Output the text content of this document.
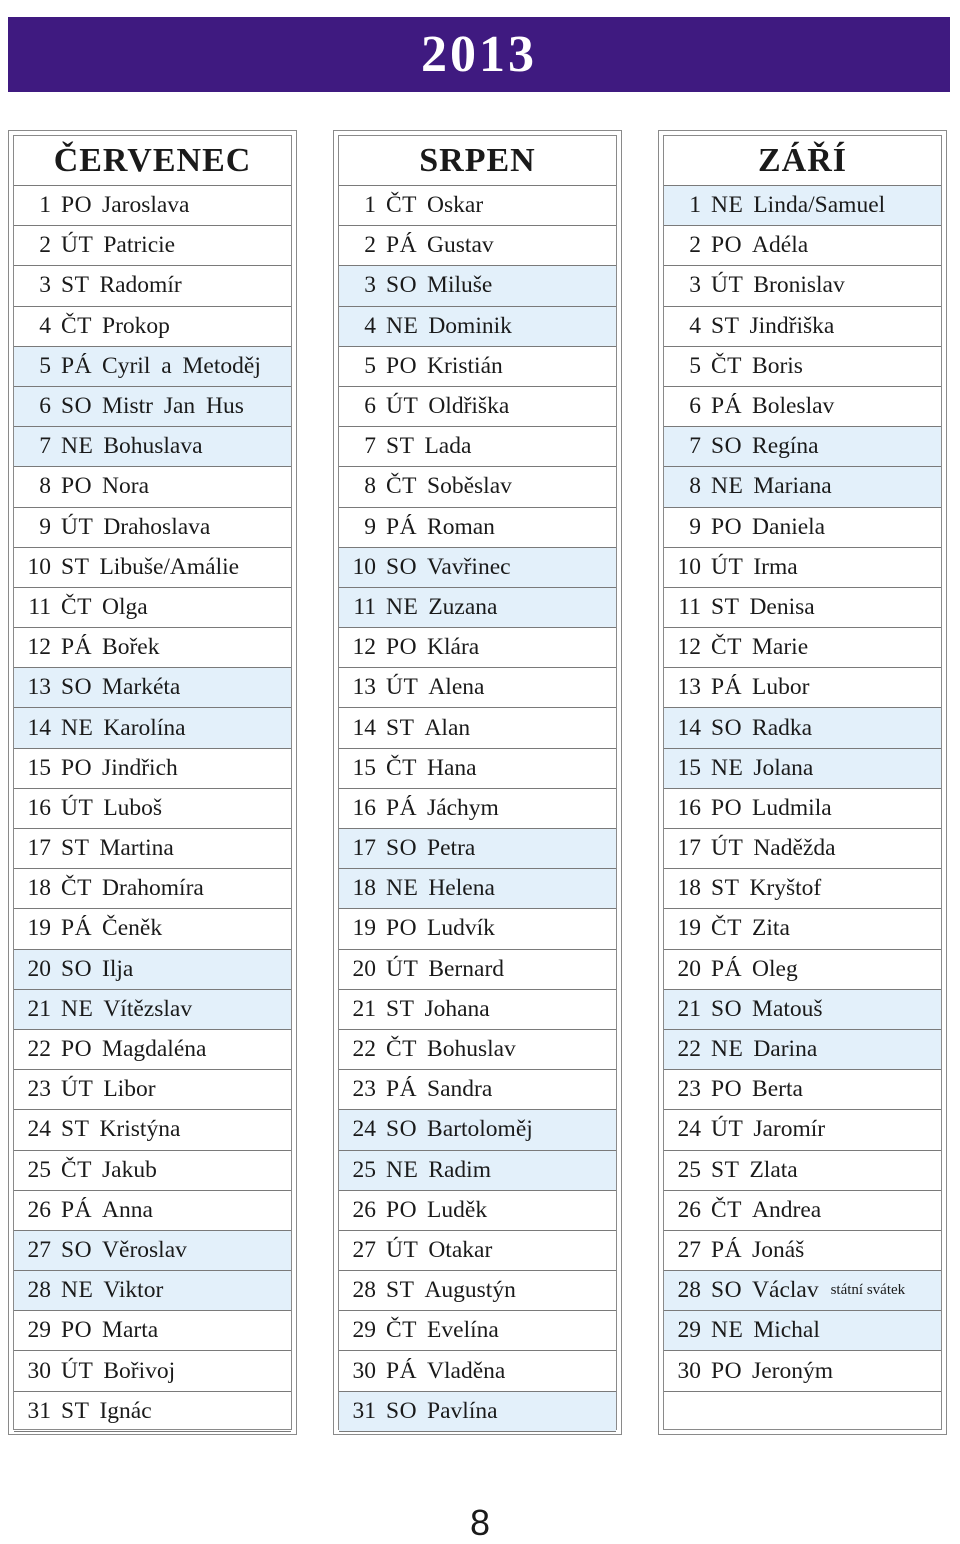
2013
ČERVENEC
1 PO Jaroslava
2 ÚT Patricie
3 ST Radomír
4 ČT Prokop
5 PÁ Cyril a Metoděj
6 SO Mistr Jan Hus
7 NE Bohuslava
8 PO Nora
9 ÚT Drahoslava
10 ST Libuše/Amálie
11 ČT Olga
12 PÁ Bořek
13 SO Markéta
14 NE Karolína
15 PO Jindřich
16 ÚT Luboš
17 ST Martina
18 ČT Drahomíra
19 PÁ Čeněk
20 SO Ilja
21 NE Vítězslav
22 PO Magdaléna
23 ÚT Libor
24 ST Kristýna
25 ČT Jakub
26 PÁ Anna
27 SO Věroslav
28 NE Viktor
29 PO Marta
30 ÚT Bořivoj
31 ST Ignác
SRPEN
1 ČT Oskar
2 PÁ Gustav
3 SO Miluše
4 NE Dominik
5 PO Kristián
6 ÚT Oldřiška
7 ST Lada
8 ČT Soběslav
9 PÁ Roman
10 SO Vavřinec
11 NE Zuzana
12 PO Klára
13 ÚT Alena
14 ST Alan
15 ČT Hana
16 PÁ Jáchym
17 SO Petra
18 NE Helena
19 PO Ludvík
20 ÚT Bernard
21 ST Johana
22 ČT Bohuslav
23 PÁ Sandra
24 SO Bartoloměj
25 NE Radim
26 PO Luděk
27 ÚT Otakar
28 ST Augustýn
29 ČT Evelína
30 PÁ Vladěna
31 SO Pavlína
ZÁŘÍ
1 NE Linda/Samuel
2 PO Adéla
3 ÚT Bronislav
4 ST Jindřiška
5 ČT Boris
6 PÁ Boleslav
7 SO Regína
8 NE Mariana
9 PO Daniela
10 ÚT Irma
11 ST Denisa
12 ČT Marie
13 PÁ Lubor
14 SO Radka
15 NE Jolana
16 PO Ludmila
17 ÚT Naděžda
18 ST Kryštof
19 ČT Zita
20 PÁ Oleg
21 SO Matouš
22 NE Darina
23 PO Berta
24 ÚT Jaromír
25 ST Zlata
26 ČT Andrea
27 PÁ Jonáš
28 SO Václav státní svátek
29 NE Michal
30 PO Jeroným
8
